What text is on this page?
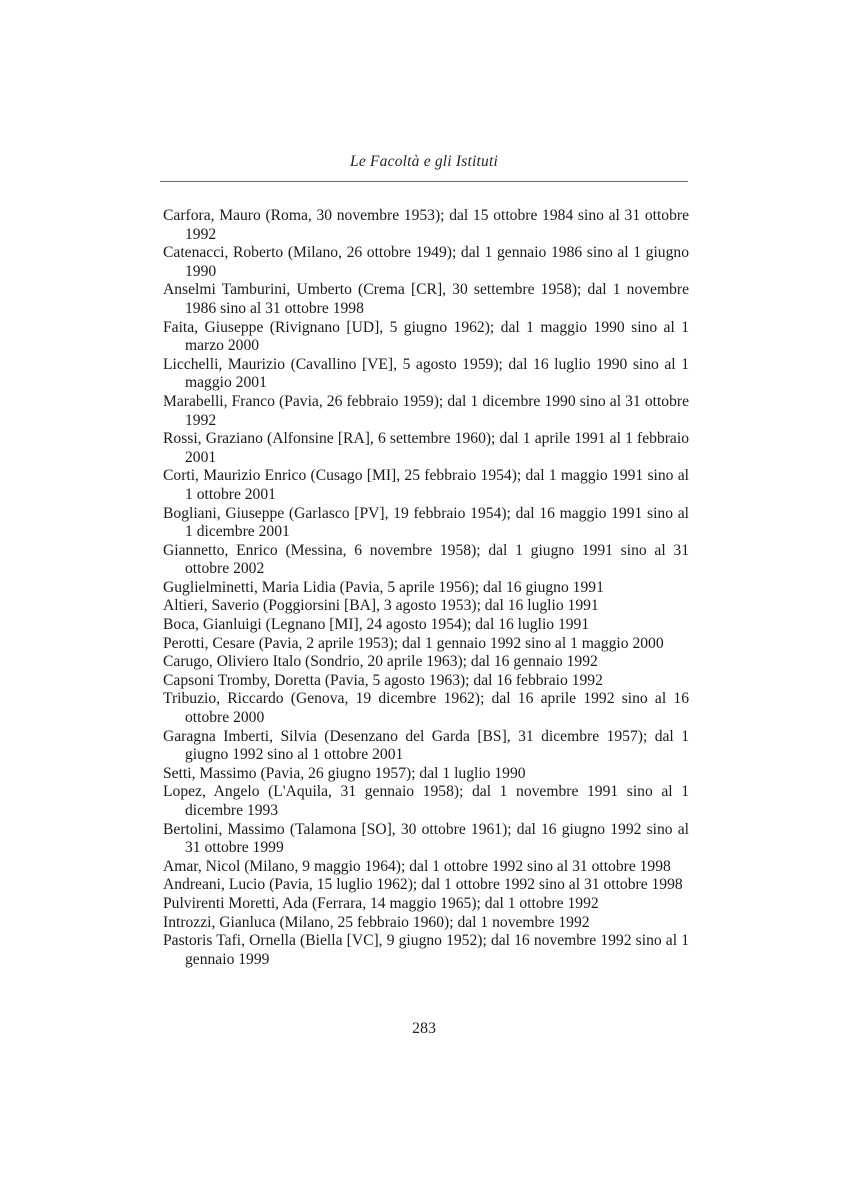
Le Facoltà e gli Istituti

Carfora, Mauro (Roma, 30 novembre 1953); dal 15 ottobre 1984 sino al 31 ottobre 1992

Catenacci, Roberto (Milano, 26 ottobre 1949); dal 1 gennaio 1986 sino al 1 giugno 1990

Anselmi Tamburini, Umberto (Crema [CR], 30 settembre 1958); dal 1 novembre 1986 sino al 31 ottobre 1998

Faita, Giuseppe (Rivignano [UD], 5 giugno 1962); dal 1 maggio 1990 sino al 1 marzo 2000

Licchelli, Maurizio (Cavallino [VE], 5 agosto 1959); dal 16 luglio 1990 sino al 1 maggio 2001

Marabelli, Franco (Pavia, 26 febbraio 1959); dal 1 dicembre 1990 sino al 31 ottobre 1992

Rossi, Graziano (Alfonsine [RA], 6 settembre 1960); dal 1 aprile 1991 al 1 febbraio 2001

Corti, Maurizio Enrico (Cusago [MI], 25 febbraio 1954); dal 1 maggio 1991 sino al 1 ottobre 2001

Bogliani, Giuseppe (Garlasco [PV], 19 febbraio 1954); dal 16 maggio 1991 sino al 1 dicembre 2001

Giannetto, Enrico (Messina, 6 novembre 1958); dal 1 giugno 1991 sino al 31 ottobre 2002

Guglielminetti, Maria Lidia (Pavia, 5 aprile 1956); dal 16 giugno 1991

Altieri, Saverio (Poggiorsini [BA], 3 agosto 1953); dal 16 luglio 1991

Boca, Gianluigi (Legnano [MI], 24 agosto 1954); dal 16 luglio 1991

Perotti, Cesare (Pavia, 2 aprile 1953); dal 1 gennaio 1992 sino al 1 maggio 2000

Carugo, Oliviero Italo (Sondrio, 20 aprile 1963); dal 16 gennaio 1992

Capsoni Tromby, Doretta (Pavia, 5 agosto 1963); dal 16 febbraio 1992

Tribuzio, Riccardo (Genova, 19 dicembre 1962); dal 16 aprile 1992 sino al 16 ottobre 2000

Garagna Imberti, Silvia (Desenzano del Garda [BS], 31 dicembre 1957); dal 1 giugno 1992 sino al 1 ottobre 2001

Setti, Massimo (Pavia, 26 giugno 1957); dal 1 luglio 1990

Lopez, Angelo (L'Aquila, 31 gennaio 1958); dal 1 novembre 1991 sino al 1 dicembre 1993

Bertolini, Massimo (Talamona [SO], 30 ottobre 1961); dal 16 giugno 1992 sino al 31 ottobre 1999

Amar, Nicol (Milano, 9 maggio 1964); dal 1 ottobre 1992 sino al 31 ottobre 1998

Andreani, Lucio (Pavia, 15 luglio 1962); dal 1 ottobre 1992 sino al 31 ottobre 1998

Pulvirenti Moretti, Ada (Ferrara, 14 maggio 1965); dal 1 ottobre 1992

Introzzi, Gianluca (Milano, 25 febbraio 1960); dal 1 novembre 1992

Pastoris Tafi, Ornella (Biella [VC], 9 giugno 1952); dal 16 novembre 1992 sino al 1 gennaio 1999

283
